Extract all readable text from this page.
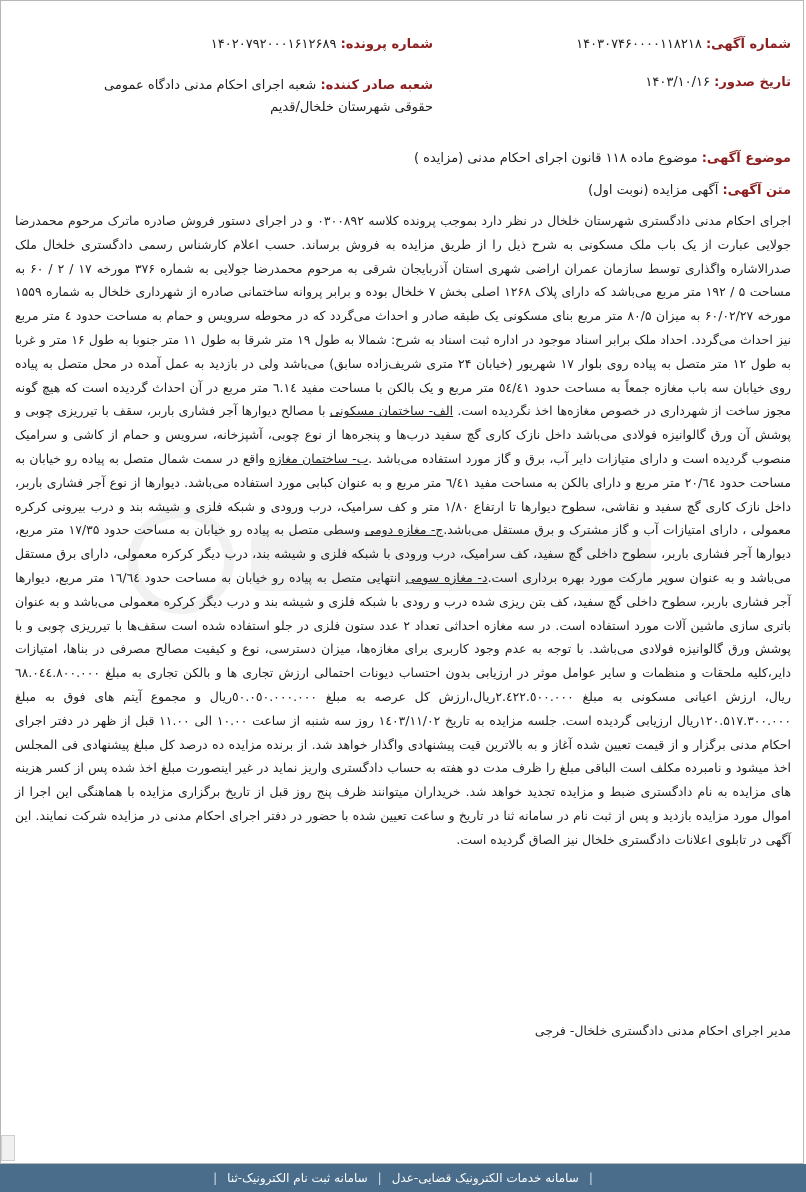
شماره آگهی: ۱۴۰۳۰۷۴۶۰۰۰۰۱۱۸۲۱۸
شماره پرونده: ۱۴۰۲۰۷۹۲۰۰۰۱۶۱۲۶۸۹
تاریخ صدور: ۱۴۰۳/۱۰/۱۶
شعبه صادر کننده: شعبه اجرای احکام مدنی دادگاه عمومی حقوقی شهرستان خلخال/قدیم
موضوع آگهی: موضوع ماده ۱۱۸ قانون اجرای احکام مدنی (مزایده )
متن آگهی: آگهی مزایده (نوبت اول)

اجرای احکام مدنی دادگستری شهرستان خلخال در نظر دارد بموجب پرونده کلاسه ۰۳۰۰۸۹۲ و در اجرای دستور فروش صادره ماترک مرحوم محمدرضا جولایی عبارت از یک باب ملک مسکونی به شرح ذیل را از طریق مزایده به فروش برساند. حسب اعلام کارشناس رسمی دادگستری خلخال ملک صدرالاشاره واگذاری توسط سازمان عمران اراضی شهری استان آذربایجان شرقی به مرحوم محمدرضا جولایی به شماره ۳۷۶ مورخه ۱۷ / ۲ / ۶۰ به مساحت ۵ / ۱۹۲ متر مربع می‌باشد که دارای پلاک ۱۲۶۸ اصلی بخش ۷ خلخال بوده و برابر پروانه ساختمانی صادره از شهرداری خلخال به شماره ۱۵۵۹ مورخه ۶۰/۰۲/۲۷ به میزان ۸۰/۵ متر مربع بنای مسکونی یک طبقه صادر و احداث می‌گردد که در محوطه سرویس و حمام به مساحت حدود ٤ متر مربع نیز احداث می‌گردد. احداد ملک برابر اسناد موجود در اداره ثبت اسناد به شرح: شمالا به طول ۱۹ متر شرقا به طول ۱۱ متر جنوبا به طول ۱۶ متر و غربا به طول ۱۲ متر متصل به پیاده روی بلوار ۱۷ شهریور (خیابان ۲۴ متری شریف‌زاده سابق) می‌باشد ولی در بازدید به عمل آمده در محل متصل به پیاده روی خیابان سه باب مغازه جمعاً به مساحت حدود ٥٤/٤١ متر مربع و یک بالکن با مساحت مفید ٦.١٤ متر مربع در آن احداث گردیده است که هیچ گونه مجوز ساخت از شهرداری در خصوص مغازه‌ها اخذ نگردیده است. الف- ساختمان مسکونی با مصالح دیوارها آجر فشاری باربر، سقف با تیرریزی چوبی و پوشش آن ورق گالوانیزه فولادی می‌باشد داخل نازک کاری گچ سفید درب‌ها و پنجره‌ها از نوع چوبی، آشپزخانه، سرویس و حمام از کاشی و سرامیک منصوب گردیده است و دارای متیازات دایر آب، برق و گاز مورد استفاده می‌باشد .ب- ساختمان مغازه واقع در سمت شمال متصل به پیاده رو خیابان به مساحت حدود ۲۰/٦٤ متر مربع و دارای بالکن به مساحت مفید ٦/٤١ متر مربع و به عنوان کبابی مورد استفاده می‌باشد. دیوارها از نوع آجر فشاری باربر، داخل نازک کاری گچ سفید و نقاشی، سطوح دیوارها تا ارتفاع ۱/۸۰ متر و کف سرامیک، درب ورودی و شبکه فلزی و شیشه بند و درب بیرونی کرکره معمولی ، دارای امتیازات آب و گاز مشترک و برق مستقل می‌باشد.ج- مغازه دومی وسطی متصل به پیاده رو خیابان به مساحت حدود ۱۷/۳۵ متر مربع، دیوارها آجر فشاری باربر، سطوح داخلی گچ سفید، کف سرامیک، درب ورودی با شبکه فلزی و شیشه بند، درب دیگر کرکره معمولی، دارای برق مستقل می‌باشد و به عنوان سوپر مارکت مورد بهره برداری است.د- مغازه سومی انتهایی متصل به پیاده رو خیابان به مساحت حدود ۱٦/٦٤ متر مربع، دیوارها آجر فشاری باربر، سطوح داخلی گچ سفید، کف بتن ریزی شده درب و رودی با شبکه فلزی و شیشه بند و درب دیگر کرکره معمولی می‌باشد و به عنوان باتری سازی ماشین آلات مورد استفاده است. در سه مغازه احداثی تعداد ۲ عدد ستون فلزی در جلو استفاده شده است سقف‌ها با تیرریزی چوبی و با پوشش ورق گالوانیزه فولادی می‌باشد. با توجه به عدم وجود کاربری برای مغازه‌ها، میزان دسترسی، نوع و کیفیت مصالح مصرفی در بناها، امتیازات دایر،کلیه ملحقات و منظمات و سایر عوامل موثر در ارزیابی بدون احتساب دیونات احتمالی ارزش تجاری ها و بالکن تجاری به مبلغ ٦٨.٠٤٤.٨٠٠.٠٠٠ ریال، ارزش اعیانی مسکونی به مبلغ ٢.٤٢٢.٥٠٠.٠٠٠ریال،ارزش کل عرصه به مبلغ ٥٠.٠٥٠.٠٠٠.٠٠٠ریال و مجموع آیتم های فوق به مبلغ ۱۲۰.۵۱۷.۳۰۰.۰۰۰ریال ارزیابی گردیده است. جلسه مزایده به تاریخ ۱٤٠۳/۱۱/٠۲ روز سه شنبه از ساعت ۱۰.۰۰ الی ۱۱.۰۰ قبل از ظهر در دفتر اجرای احکام مدنی برگزار و از قیمت تعیین شده آغاز و به بالاترین قیت پیشنهادی واگذار خواهد شد. از برنده مزایده ده درصد کل مبلغ پیشنهادی فی المجلس اخذ میشود و نامبرده مکلف است الباقی مبلغ را ظرف مدت دو هفته به حساب دادگستری واریز نماید در غیر اینصورت مبلغ اخذ شده پس از کسر هزینه های مزایده به نام دادگستری ضبط و مزایده تجدید خواهد شد. خریداران میتوانند ظرف پنج روز قبل از تاریخ برگزاری مزایده با هماهنگی این اجرا از اموال مورد مزایده بازدید و پس از ثبت نام در سامانه ثنا در تاریخ و ساعت تعیین شده با حضور در دفتر اجرای احکام مدنی در مزایده شرکت نمایند. این آگهی در تابلوی اعلانات دادگستری خلخال نیز الصاق گردیده است.

مدیر اجرای احکام مدنی دادگستری خلخال- فرجی
|
سامانه خدمات الکترونیک قضایی-عدل
|
سامانه ثبت نام الکترونیک-ثنا
|
